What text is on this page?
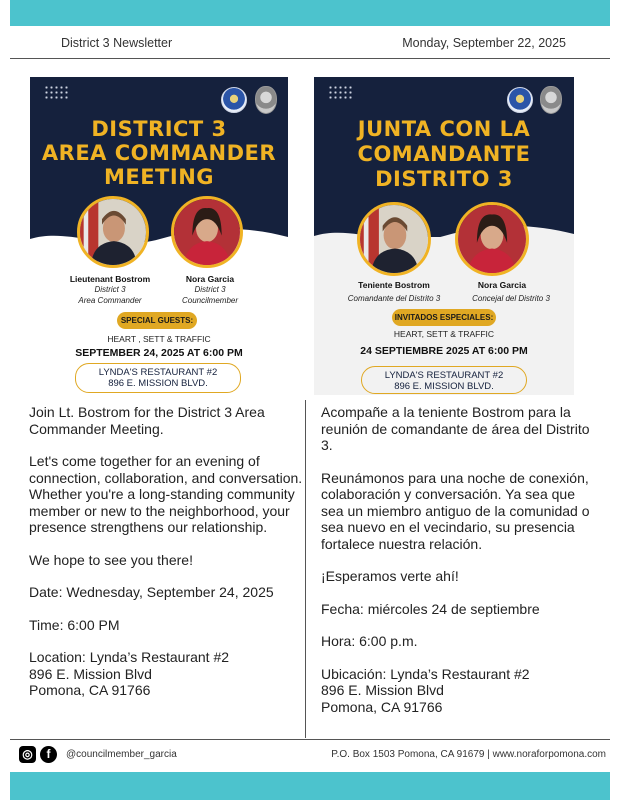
District 3 Newsletter	Monday, September 22, 2025
DISTRICT 3
AREA COMMANDER
MEETING
Lieutenant Bostrom
District 3
Area Commander
Nora Garcia
District 3
Councilmember
SPECIAL GUESTS:
HEART , SETT & TRAFFIC
SEPTEMBER 24, 2025 AT 6:00 PM
LYNDA'S RESTAURANT #2
896 E. MISSION BLVD.
JUNTA CON LA
COMANDANTE
DISTRITO 3
Teniente Bostrom
Comandante del Distrito 3
Nora Garcia
Concejal del Distrito 3
INVITADOS ESPECIALES:
HEART, SETT & TRAFFIC
24 SEPTIEMBRE 2025 AT 6:00 PM
LYNDA'S RESTAURANT #2
896 E. MISSION BLVD.

Join Lt. Bostrom for the District 3 Area Commander Meeting.

Let's come together for an evening of connection, collaboration, and conversation. Whether you're a long-standing community member or new to the neighborhood, your presence strengthens our relationship.

We hope to see you there!

Date: Wednesday, September 24, 2025

Time: 6:00 PM

Location: Lynda’s Restaurant #2
896 E. Mission Blvd
Pomona, CA 91766

Acompañe a la teniente Bostrom para la reunión de comandante de área del Distrito 3.

Reunámonos para una noche de conexión, colaboración y conversación. Ya sea que sea un miembro antiguo de la comunidad o sea nuevo en el vecindario, su presencia fortalece nuestra relación.

¡Esperamos verte ahí!

Fecha: miércoles 24 de septiembre

Hora: 6:00 p.m.

Ubicación: Lynda’s Restaurant #2
896 E. Mission Blvd
Pomona, CA 91766

◎	f	@councilmember_garcia	P.O. Box 1503 Pomona, CA 91679 | www.noraforpomona.com
